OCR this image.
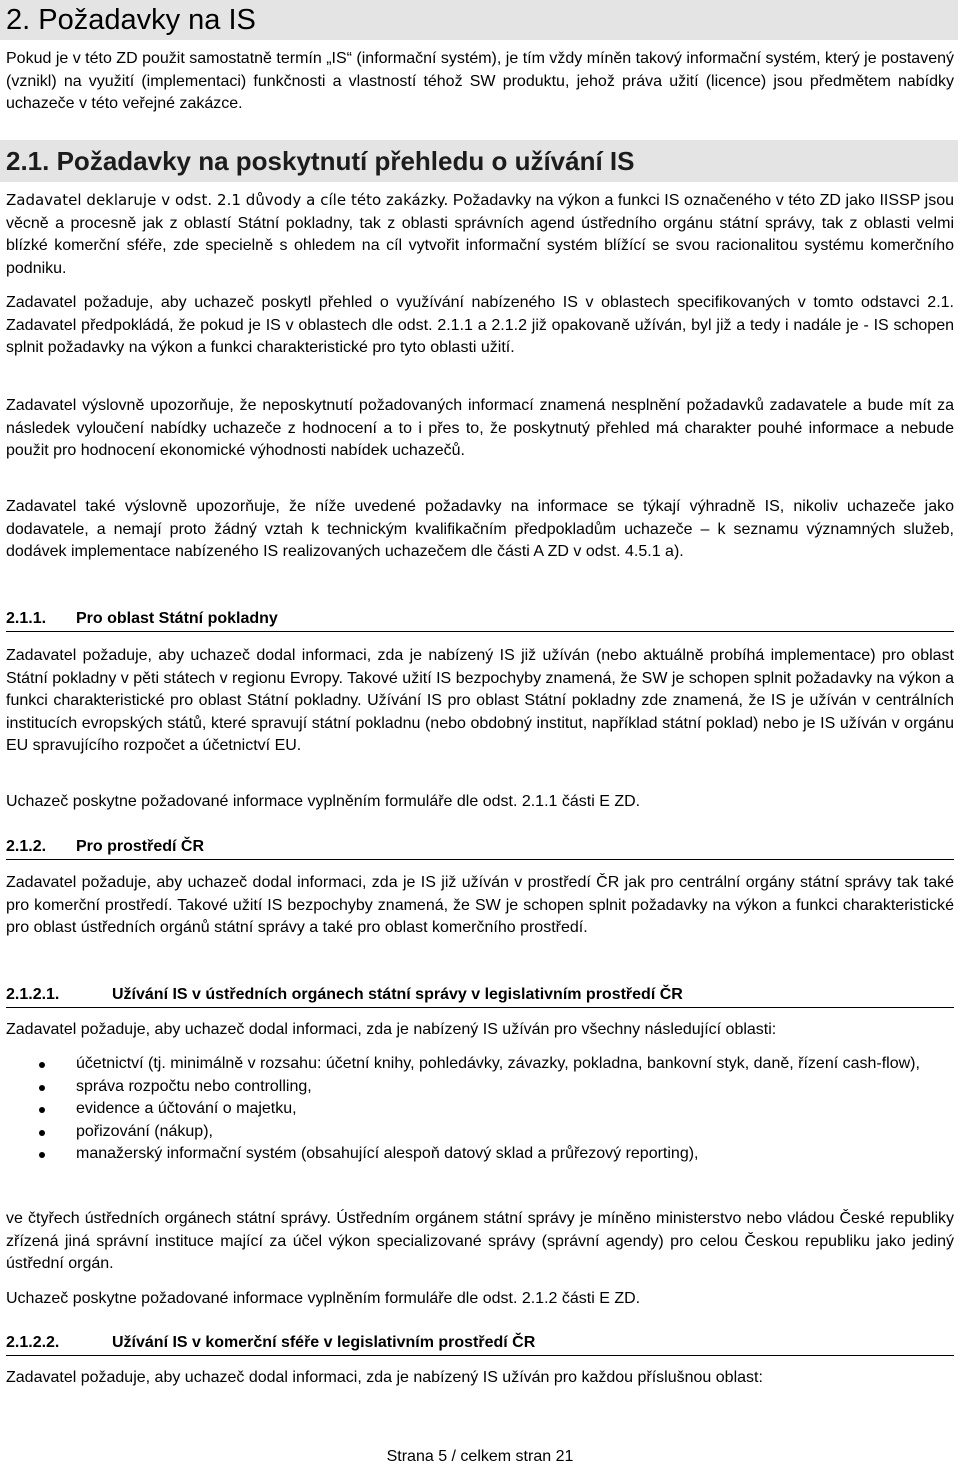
2. Požadavky na IS

Pokud je v této ZD použit samostatně termín „IS“ (informační systém), je tím vždy míněn takový informační systém, který je postavený (vznikl) na využití (implementaci) funkčnosti a vlastností téhož SW produktu, jehož práva užití (licence) jsou předmětem nabídky uchazeče v této veřejné zakázce.

2.1. Požadavky na poskytnutí přehledu o užívání IS

Zadavatel deklaruje v odst. 2.1 důvody a cíle této zakázky. Požadavky na výkon a funkci IS označeného v této ZD jako IISSP jsou věcně a procesně jak z oblastí Státní pokladny, tak z oblasti správních agend ústředního orgánu státní správy, tak z oblasti velmi blízké komerční sféře, zde specielně s ohledem na cíl vytvořit informační systém blížící se svou racionalitou systému komerčního podniku.

Zadavatel požaduje, aby uchazeč poskytl přehled o využívání nabízeného IS v oblastech specifikovaných v tomto odstavci 2.1. Zadavatel předpokládá, že pokud je IS v oblastech dle odst. 2.1.1 a 2.1.2 již opakovaně užíván, byl již a tedy i nadále je - IS schopen splnit požadavky na výkon a funkci charakteristické pro tyto oblasti užití.

Zadavatel výslovně upozorňuje, že neposkytnutí požadovaných informací znamená nesplnění požadavků zadavatele a bude mít za následek vyloučení nabídky uchazeče z hodnocení a to i přes to, že poskytnutý přehled má charakter pouhé informace a nebude použit pro hodnocení ekonomické výhodnosti nabídek uchazečů.

Zadavatel také výslovně upozorňuje, že níže uvedené požadavky na informace se týkají výhradně IS, nikoliv uchazeče jako dodavatele, a nemají proto žádný vztah k technickým kvalifikačním předpokladům uchazeče – k seznamu významných služeb, dodávek implementace nabízeného IS realizovaných uchazečem dle části A ZD v odst. 4.5.1 a).

2.1.1. Pro oblast Státní pokladny

Zadavatel požaduje, aby uchazeč dodal informaci, zda je nabízený IS již užíván (nebo aktuálně probíhá implementace) pro oblast Státní pokladny v pěti státech v regionu Evropy. Takové užití IS bezpochyby znamená, že SW je schopen splnit požadavky na výkon a funkci charakteristické pro oblast Státní pokladny. Užívání IS pro oblast Státní pokladny zde znamená, že IS je užíván v centrálních institucích evropských států, které spravují státní pokladnu (nebo obdobný institut, například státní poklad) nebo je IS užíván v orgánu EU spravujícího rozpočet a účetnictví EU.

Uchazeč poskytne požadované informace vyplněním formuláře dle odst. 2.1.1 části E ZD.

2.1.2. Pro prostředí ČR

Zadavatel požaduje, aby uchazeč dodal informaci, zda je IS již užíván v prostředí ČR jak pro centrální orgány státní správy tak také pro komerční prostředí. Takové užití IS bezpochyby znamená, že SW je schopen splnit požadavky na výkon a funkci charakteristické pro oblast ústředních orgánů státní správy a také pro oblast komerčního prostředí.

2.1.2.1.	Užívání IS v ústředních orgánech státní správy v legislativním prostředí ČR

Zadavatel požaduje, aby uchazeč dodal informaci, zda je nabízený IS užíván pro všechny následující oblasti:

účetnictví (tj. minimálně v rozsahu: účetní knihy, pohledávky, závazky, pokladna, bankovní styk, daně, řízení cash-flow),
správa rozpočtu nebo controlling,
evidence a účtování o majetku,
pořizování (nákup),
manažerský informační systém (obsahující alespoň datový sklad a průřezový reporting),

ve čtyřech ústředních orgánech státní správy. Ústředním orgánem státní správy je míněno ministerstvo nebo vládou České republiky zřízená jiná správní instituce mající za účel výkon specializované správy (správní agendy) pro celou Českou republiku jako jediný ústřední orgán.

Uchazeč poskytne požadované informace vyplněním formuláře dle odst. 2.1.2 části E ZD.

2.1.2.2.	Užívání IS v komerční sféře v legislativním prostředí ČR

Zadavatel požaduje, aby uchazeč dodal informaci, zda je nabízený IS užíván pro každou příslušnou oblast:

Strana 5 / celkem stran 21
